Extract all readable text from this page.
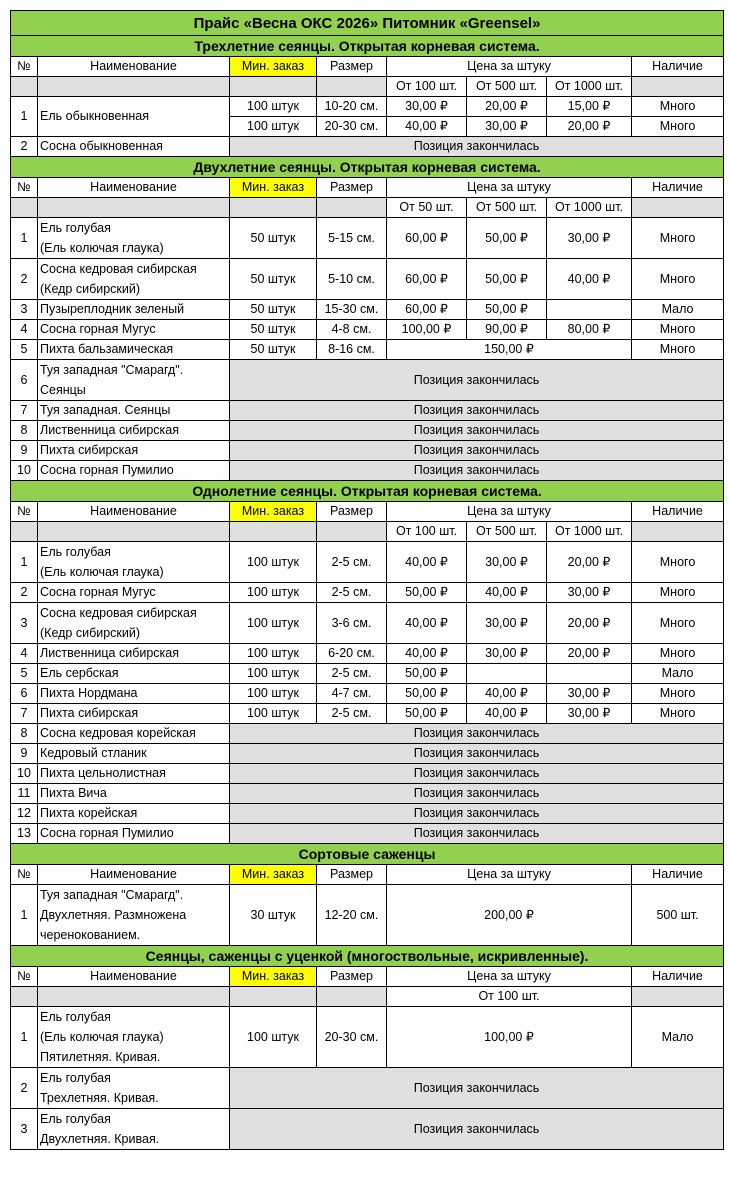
Прайс «Весна ОКС 2026» Питомник «Greensel»							
Трехлетние сеянцы. Открытая корневая система.							
№	Наименование	Мин. заказ	Размер	Цена за штуку			Наличие
				От 100 шт.	От 500 шт.	От 1000 шт.	
1	Ель обыкновенная	100 штук	10-20 см.	30,00 ₽	20,00 ₽	15,00 ₽	Много
		100 штук	20-30 см.	40,00 ₽	30,00 ₽	20,00 ₽	Много
2	Сосна обыкновенная	Позиция закончилась					
Двухлетние сеянцы. Открытая корневая система.							
№	Наименование	Мин. заказ	Размер	Цена за штуку			Наличие
				От 50 шт.	От 500 шт.	От 1000 шт.	
1	Ель голубая
(Ель колючая глаука)	50 штук	5-15 см.	60,00 ₽	50,00 ₽	30,00 ₽	Много
2	Сосна кедровая сибирская
(Кедр сибирский)	50 штук	5-10 см.	60,00 ₽	50,00 ₽	40,00 ₽	Много
3	Пузыреплодник зеленый	50 штук	15-30 см.	60,00 ₽	50,00 ₽		Мало
4	Сосна горная Мугус	50 штук	4-8 см.	100,00 ₽	90,00 ₽	80,00 ₽	Много
5	Пихта бальзамическая	50 штук	8-16 см.	150,00 ₽			Много
6	Туя западная "Смарагд".
Сеянцы	Позиция закончилась					
7	Туя западная. Сеянцы	Позиция закончилась					
8	Лиственница сибирская	Позиция закончилась					
9	Пихта сибирская	Позиция закончилась					
10	Сосна горная Пумилио	Позиция закончилась					
Однолетние сеянцы. Открытая корневая система.							
№	Наименование	Мин. заказ	Размер	Цена за штуку			Наличие
				От 100 шт.	От 500 шт.	От 1000 шт.	
1	Ель голубая
(Ель колючая глаука)	100 штук	2-5 см.	40,00 ₽	30,00 ₽	20,00 ₽	Много
2	Сосна горная Мугус	100 штук	2-5 см.	50,00 ₽	40,00 ₽	30,00 ₽	Много
3	Сосна кедровая сибирская
(Кедр сибирский)	100 штук	3-6 см.	40,00 ₽	30,00 ₽	20,00 ₽	Много
4	Лиственница сибирская	100 штук	6-20 см.	40,00 ₽	30,00 ₽	20,00 ₽	Много
5	Ель сербская	100 штук	2-5 см.	50,00 ₽			Мало
6	Пихта Нордмана	100 штук	4-7 см.	50,00 ₽	40,00 ₽	30,00 ₽	Много
7	Пихта сибирская	100 штук	2-5 см.	50,00 ₽	40,00 ₽	30,00 ₽	Много
8	Сосна кедровая корейская	Позиция закончилась					
9	Кедровый стланик	Позиция закончилась					
10	Пихта цельнолистная	Позиция закончилась					
11	Пихта Вича	Позиция закончилась					
12	Пихта корейская	Позиция закончилась					
13	Сосна горная Пумилио	Позиция закончилась					
Сортовые саженцы							
№	Наименование	Мин. заказ	Размер	Цена за штуку			Наличие
1	Туя западная "Смарагд".
Двухлетняя. Размножена
черенокованием.	30 штук	12-20 см.	200,00 ₽			500 шт.
Сеянцы, саженцы с уценкой (многоствольные, искривленные).							
№	Наименование	Мин. заказ	Размер	Цена за штуку			Наличие
				От 100 шт.			
1	Ель голубая
(Ель колючая глаука)
Пятилетняя. Кривая.	100 штук	20-30 см.	100,00 ₽			Мало
2	Ель голубая
Трехлетняя. Кривая.	Позиция закончилась					
3	Ель голубая
Двухлетняя. Кривая.	Позиция закончилась					
